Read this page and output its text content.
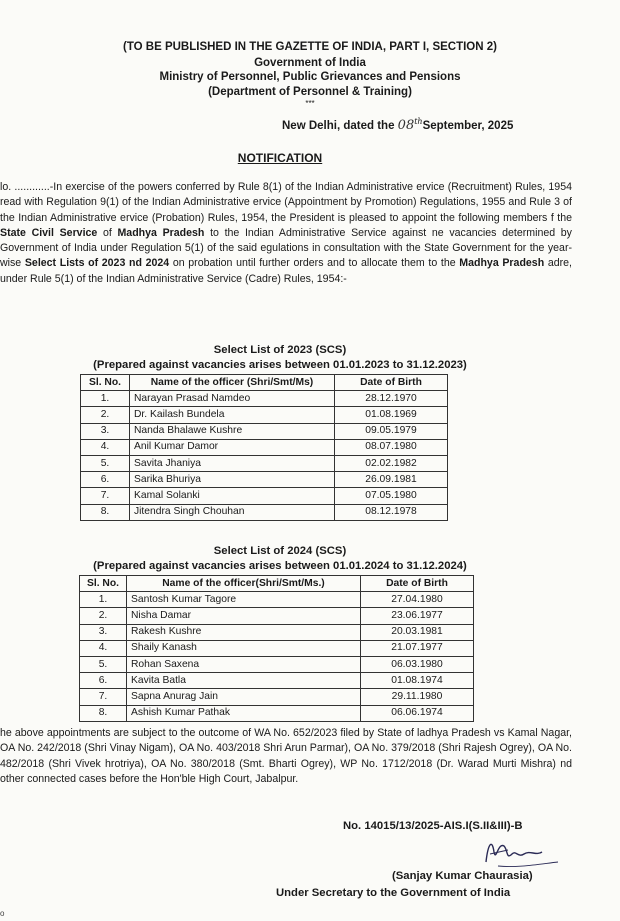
(TO BE PUBLISHED IN THE GAZETTE OF INDIA, PART I, SECTION 2)
Government of India
Ministry of Personnel, Public Grievances and Pensions
(Department of Personnel & Training)
***
New Delhi, dated the 08thSeptember, 2025
NOTIFICATION
lo. ............-In exercise of the powers conferred by Rule 8(1) of the Indian Administrative ervice (Recruitment) Rules, 1954 read with Regulation 9(1) of the Indian Administrative ervice (Appointment by Promotion) Regulations, 1955 and Rule 3 of the Indian Administrative ervice (Probation) Rules, 1954, the President is pleased to appoint the following members f the State Civil Service of Madhya Pradesh to the Indian Administrative Service against ne vacancies determined by Government of India under Regulation 5(1) of the said egulations in consultation with the State Government for the year-wise Select Lists of 2023 nd 2024 on probation until further orders and to allocate them to the Madhya Pradesh adre, under Rule 5(1) of the Indian Administrative Service (Cadre) Rules, 1954:-
Select List of 2023 (SCS)
(Prepared against vacancies arises between 01.01.2023 to 31.12.2023)
Sl. No.	Name of the officer (Shri/Smt/Ms)	Date of Birth
1.	Narayan Prasad Namdeo	28.12.1970
2.	Dr. Kailash Bundela	01.08.1969
3.	Nanda Bhalawe Kushre	09.05.1979
4.	Anil Kumar Damor	08.07.1980
5.	Savita Jhaniya	02.02.1982
6.	Sarika Bhuriya	26.09.1981
7.	Kamal Solanki	07.05.1980
8.	Jitendra Singh Chouhan	08.12.1978
Select List of 2024 (SCS)
(Prepared against vacancies arises between 01.01.2024 to 31.12.2024)
Sl. No.	Name of the officer(Shri/Smt/Ms.)	Date of Birth
1.	Santosh Kumar Tagore	27.04.1980
2.	Nisha Damar	23.06.1977
3.	Rakesh Kushre	20.03.1981
4.	Shaily Kanash	21.07.1977
5.	Rohan Saxena	06.03.1980
6.	Kavita Batla	01.08.1974
7.	Sapna Anurag Jain	29.11.1980
8.	Ashish Kumar Pathak	06.06.1974
he above appointments are subject to the outcome of WA No. 652/2023 filed by State of ladhya Pradesh vs Kamal Nagar, OA No. 242/2018 (Shri Vinay Nigam), OA No. 403/2018 Shri Arun Parmar), OA No. 379/2018 (Shri Rajesh Ogrey), OA No. 482/2018 (Shri Vivek hrotriya), OA No. 380/2018 (Smt. Bharti Ogrey), WP No. 1712/2018 (Dr. Warad Murti Mishra) nd other connected cases before the Hon'ble High Court, Jabalpur.
No. 14015/13/2025-AIS.I(S.II&III)-B
(Sanjay Kumar Chaurasia)
Under Secretary to the Government of India
o
